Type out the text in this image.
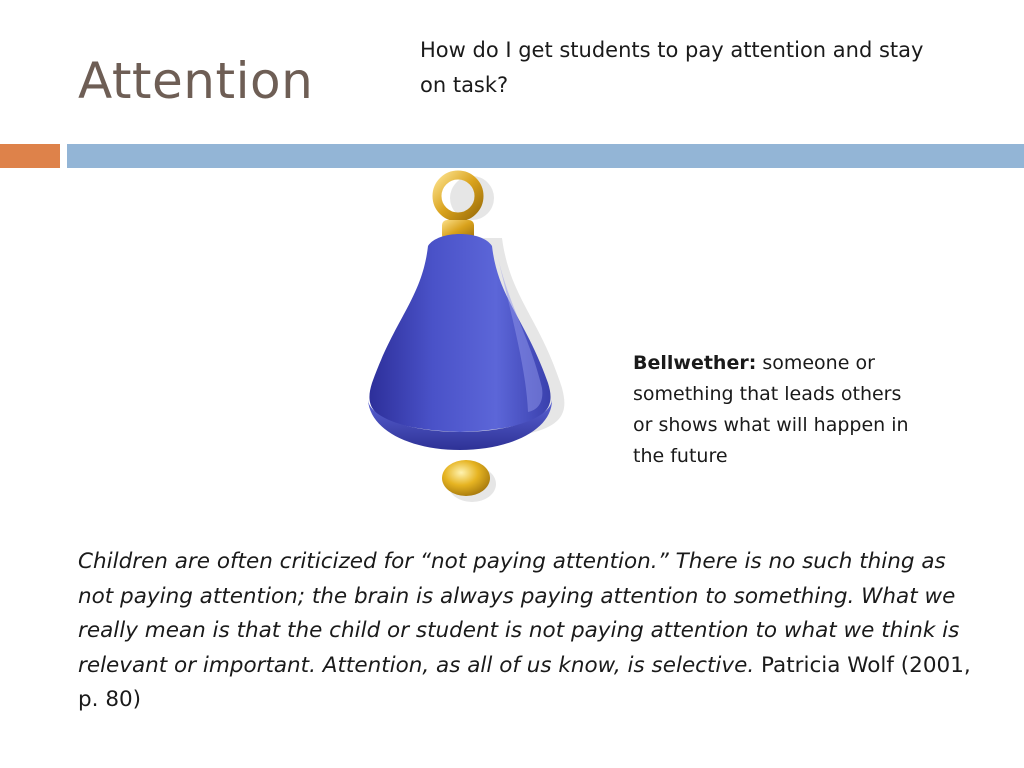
Attention
How do I get students to pay attention and stay on task?
Bellwether: someone or something that leads others or shows what will happen in the future
Children are often criticized for “not paying attention.” There is no such thing as not paying attention; the brain is always paying attention to something. What we really mean is that the child or student is not paying attention to what we think is relevant or important. Attention, as all of us know, is selective. Patricia Wolf (2001, p. 80)
